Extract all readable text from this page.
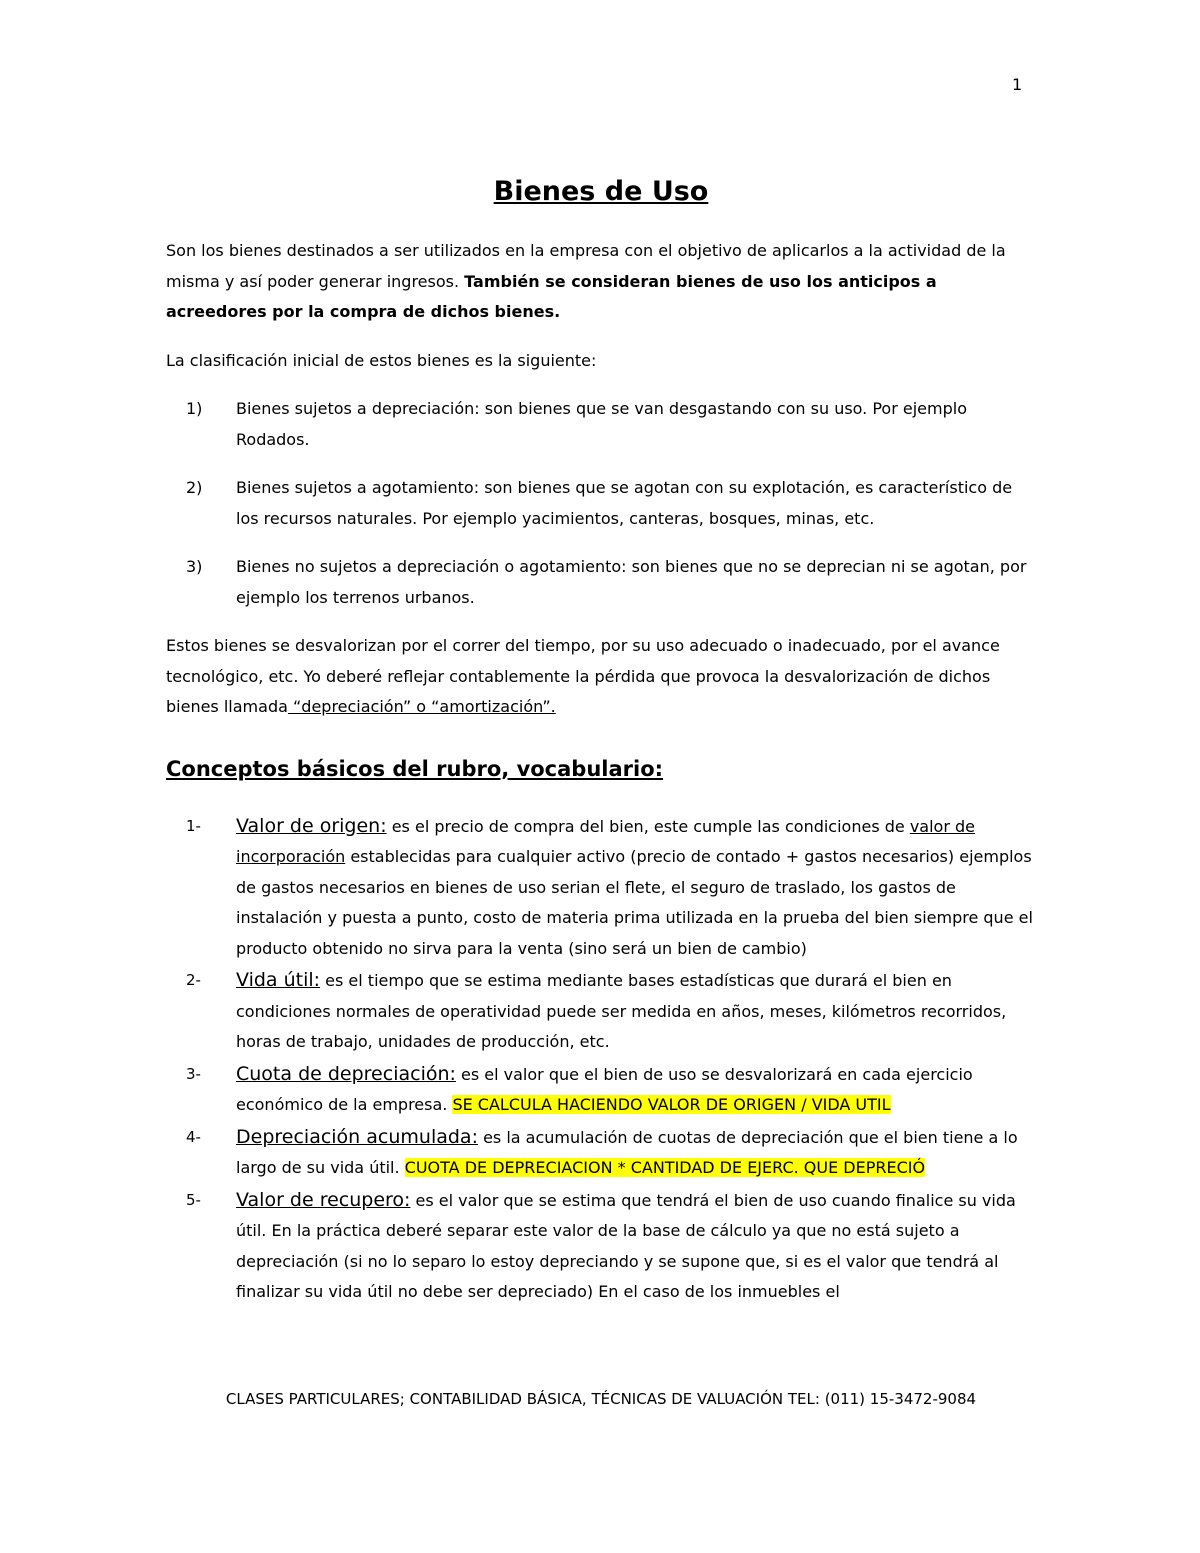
1
Bienes de Uso

Son los bienes destinados a ser utilizados en la empresa con el objetivo de aplicarlos a la actividad de la misma y así poder generar ingresos. También se consideran bienes de uso los anticipos a acreedores por la compra de dichos bienes.

La clasificación inicial de estos bienes es la siguiente:

1)	Bienes sujetos a depreciación: son bienes que se van desgastando con su uso. Por ejemplo Rodados.
2)	Bienes sujetos a agotamiento: son bienes que se agotan con su explotación, es característico de los recursos naturales. Por ejemplo yacimientos, canteras, bosques, minas, etc.
3)	Bienes no sujetos a depreciación o agotamiento: son bienes que no se deprecian ni se agotan, por ejemplo los terrenos urbanos.

Estos bienes se desvalorizan por el correr del tiempo, por su uso adecuado o inadecuado, por el avance tecnológico, etc. Yo deberé reflejar contablemente la pérdida que provoca la desvalorización de dichos bienes llamada “depreciación” o “amortización”.

Conceptos básicos del rubro, vocabulario:
1-	Valor de origen: es el precio de compra del bien, este cumple las condiciones de valor de incorporación establecidas para cualquier activo (precio de contado + gastos necesarios) ejemplos de gastos necesarios en bienes de uso serian el flete, el seguro de traslado, los gastos de instalación y puesta a punto, costo de materia prima utilizada en la prueba del bien siempre que el producto obtenido no sirva para la venta (sino será un bien de cambio)
2-	Vida útil: es el tiempo que se estima mediante bases estadísticas que durará el bien en condiciones normales de operatividad puede ser medida en años, meses, kilómetros recorridos, horas de trabajo, unidades de producción, etc.
3-	Cuota de depreciación: es el valor que el bien de uso se desvalorizará en cada ejercicio económico de la empresa. SE CALCULA HACIENDO VALOR DE ORIGEN / VIDA UTIL
4-	Depreciación acumulada: es la acumulación de cuotas de depreciación que el bien tiene a lo largo de su vida útil. CUOTA DE DEPRECIACION * CANTIDAD DE EJERC. QUE DEPRECIÓ
5-	Valor de recupero: es el valor que se estima que tendrá el bien de uso cuando finalice su vida útil. En la práctica deberé separar este valor de la base de cálculo ya que no está sujeto a depreciación (si no lo separo lo estoy depreciando y se supone que, si es el valor que tendrá al finalizar su vida útil no debe ser depreciado) En el caso de los inmuebles el
CLASES PARTICULARES; CONTABILIDAD BÁSICA, TÉCNICAS DE VALUACIÓN TEL: (011) 15-3472-9084
